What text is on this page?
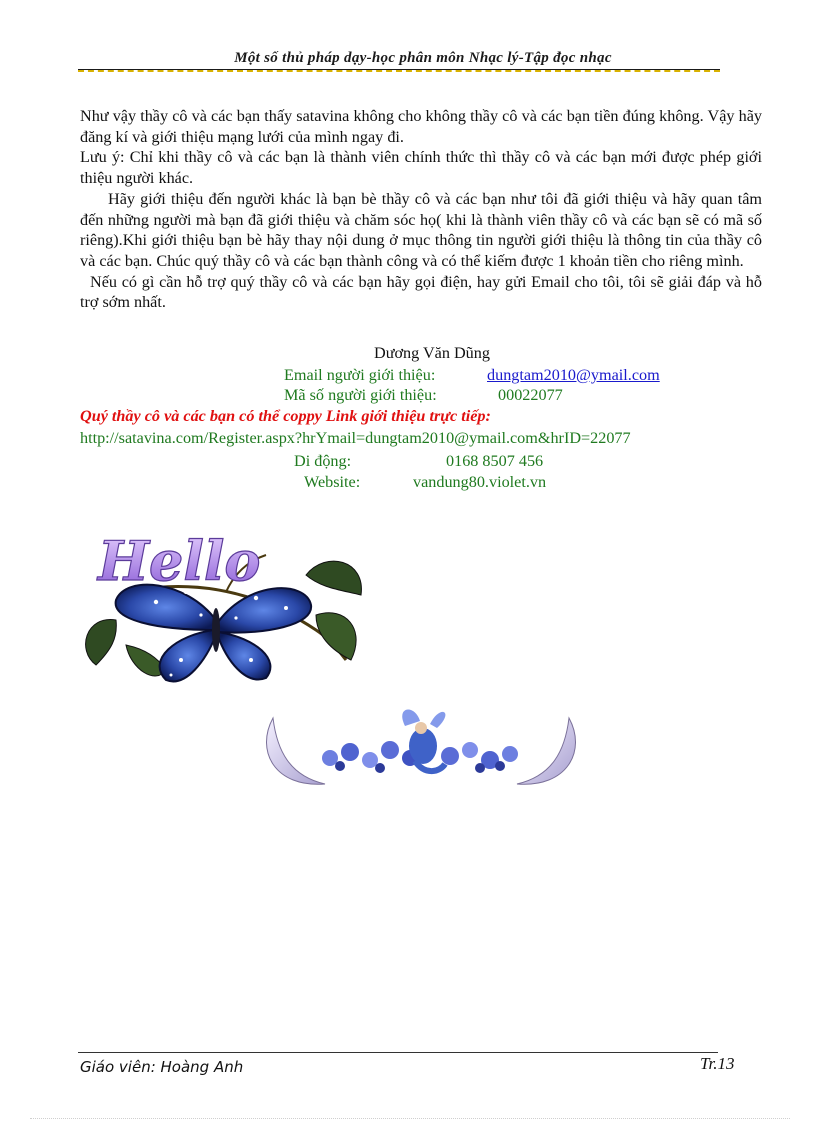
Một số thủ pháp dạy-học phân môn Nhạc lý-Tập đọc nhạc

Như vậy thầy cô và các bạn thấy satavina không cho không thầy cô và các bạn tiền đúng không. Vậy hãy đăng kí và giới thiệu mạng lưới của mình ngay đi.

Lưu ý: Chỉ khi thầy cô và các bạn là thành viên chính thức thì thầy cô và các bạn mới được phép giới thiệu người khác.

Hãy giới thiệu đến người khác là bạn bè thầy cô và các bạn như tôi đã giới thiệu và hãy quan tâm đến những người mà bạn đã giới thiệu và chăm sóc họ( khi là thành viên thầy cô và các bạn sẽ có mã số riêng).Khi giới thiệu bạn bè hãy thay nội dung ở mục thông tin người giới thiệu là thông tin của thầy cô và các bạn. Chúc quý thầy cô và các bạn thành công và có thể kiếm được 1 khoản tiền cho riêng mình.

Nếu có gì cần hỗ trợ quý thầy cô và các bạn hãy gọi điện, hay gửi Email cho tôi, tôi sẽ giải đáp và hỗ trợ sớm nhất.

Dương Văn Dũng
Email người giới thiệu:	dungtam2010@ymail.com
Mã số người giới thiệu:	00022077
Quý thầy cô và các bạn có thể coppy Link giới thiệu trực tiếp:
http://satavina.com/Register.aspx?hrYmail=dungtam2010@ymail.com&hrID=22077
Di động:	0168 8507 456
Website:	vandung80.violet.vn
Hello
Giáo viên: Hoàng Anh	Tr.13
